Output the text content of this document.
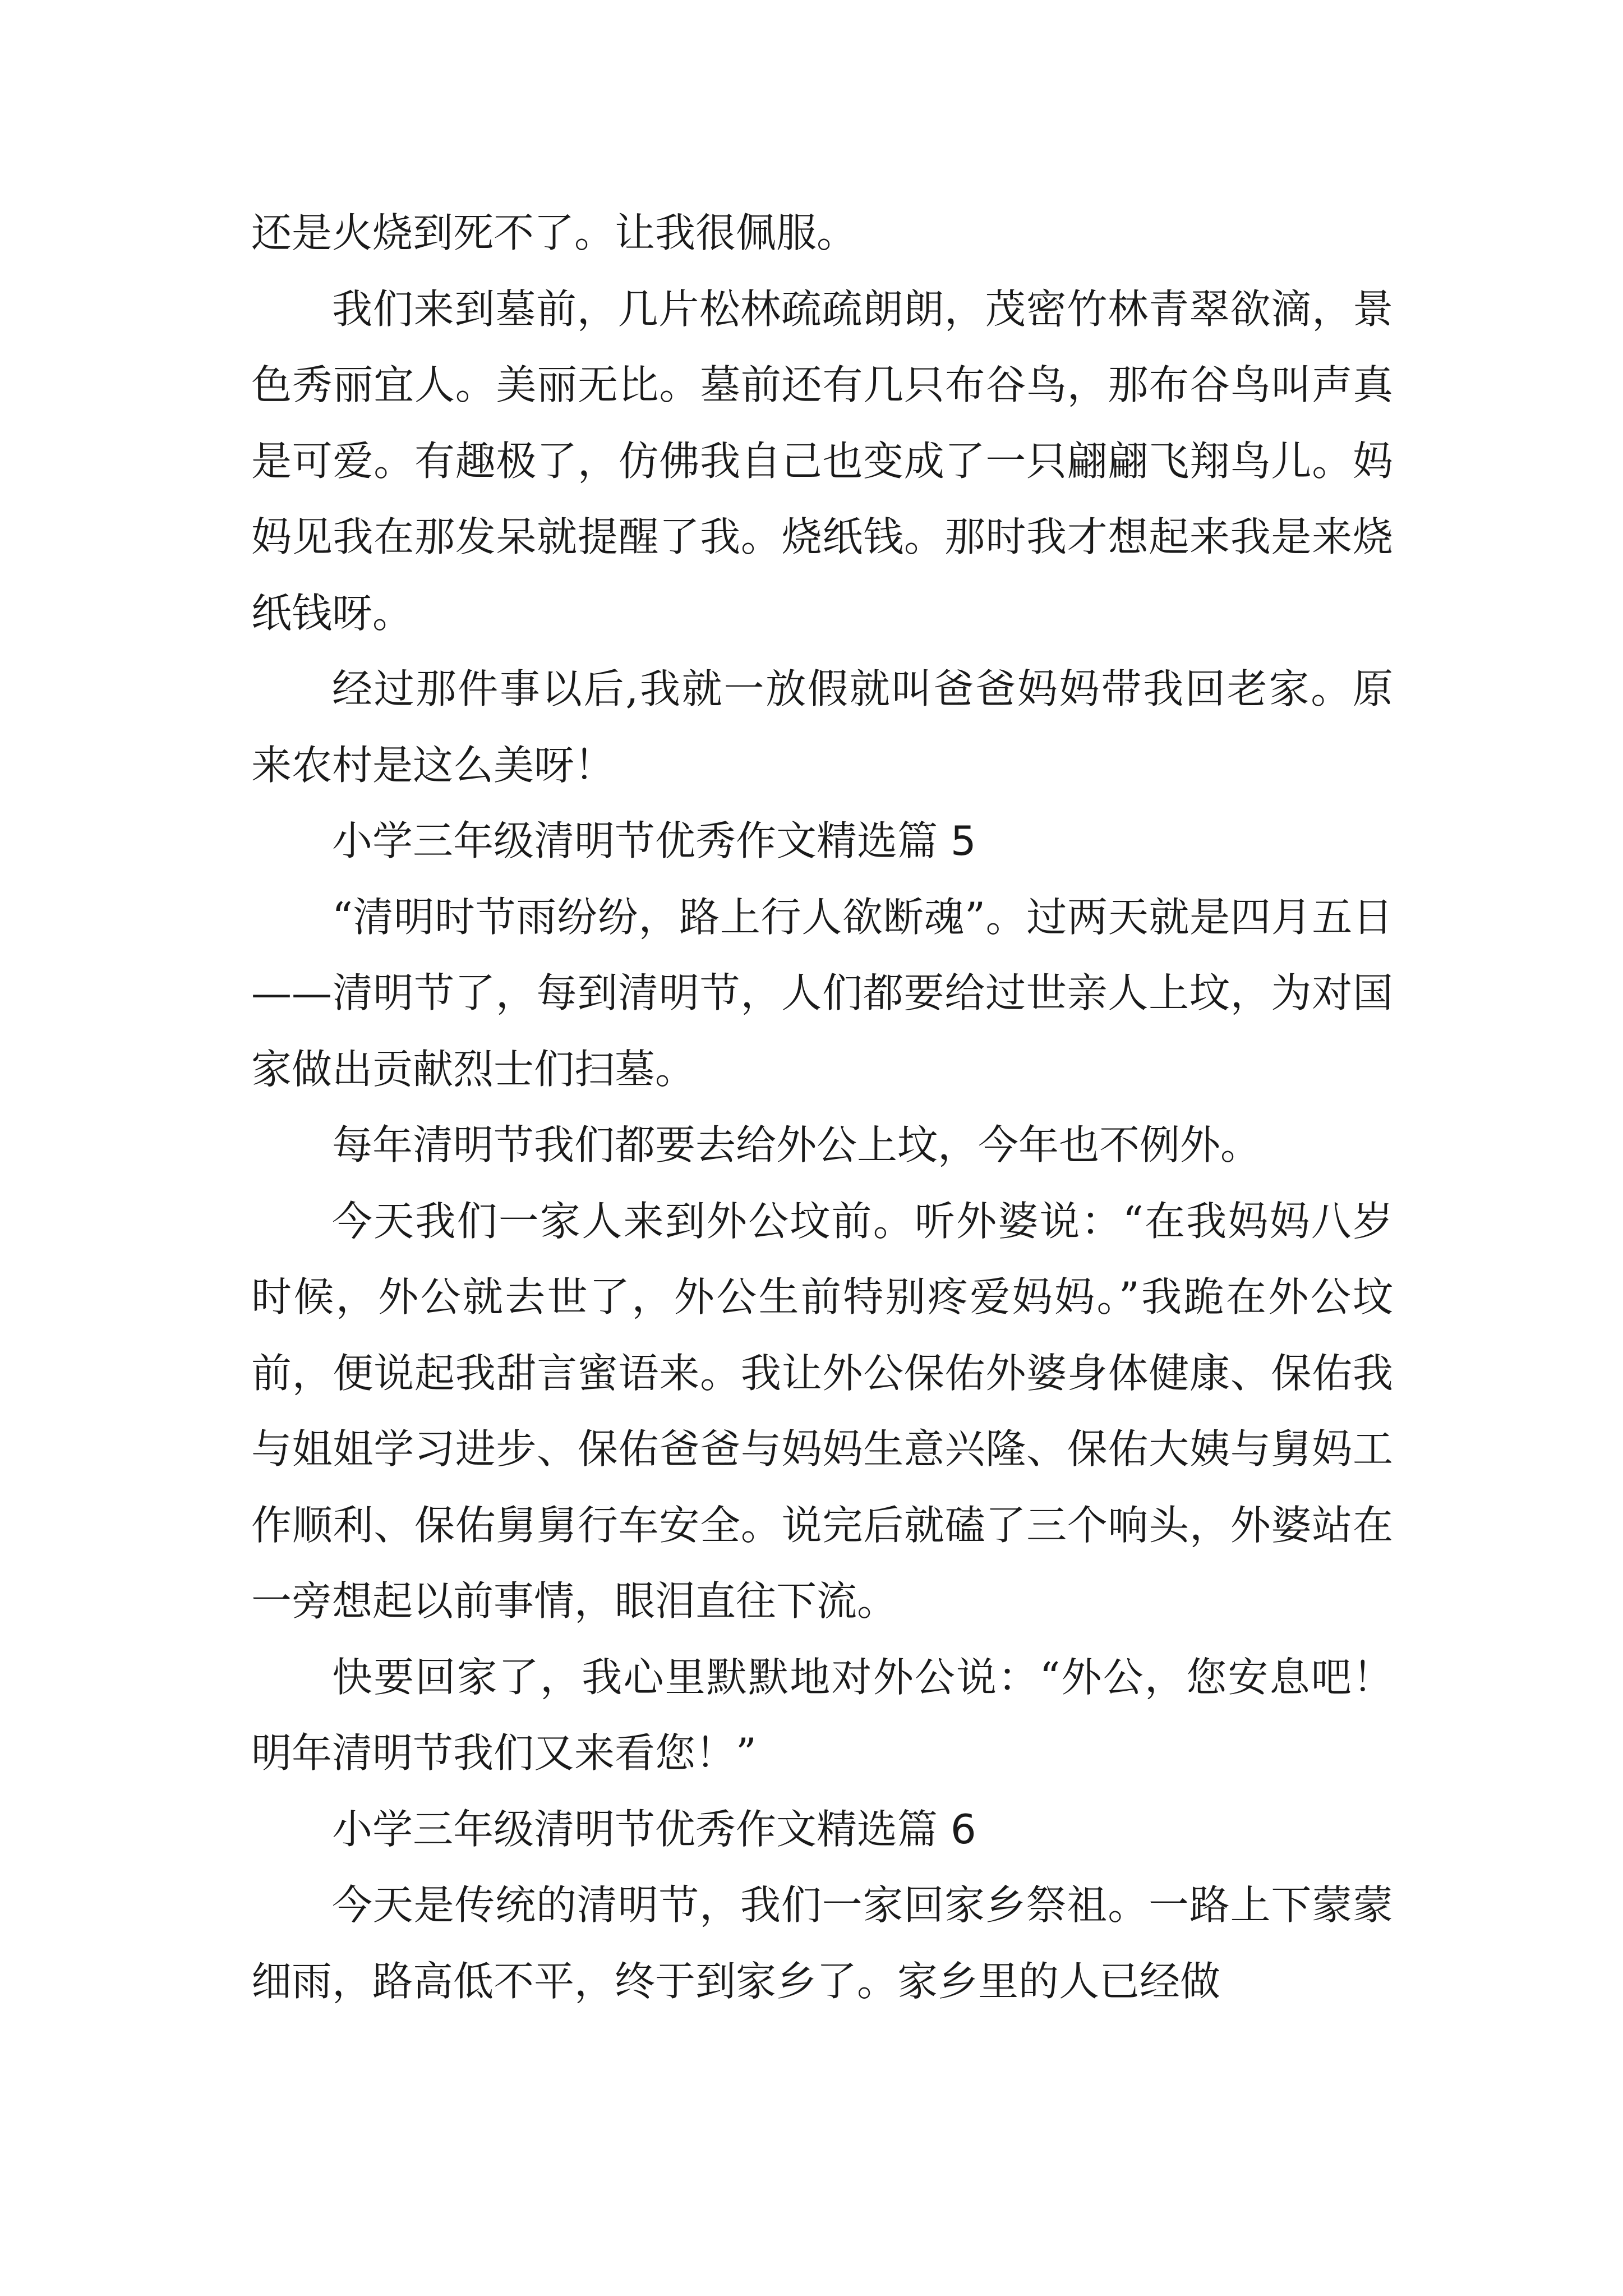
还是火烧到死不了。让我很佩服。

我们来到墓前，几片松林疏疏朗朗，茂密竹林青翠欲滴，景色秀丽宜人。美丽无比。墓前还有几只布谷鸟，那布谷鸟叫声真是可爱。有趣极了，仿佛我自己也变成了一只翩翩飞翔鸟儿。妈妈见我在那发呆就提醒了我。烧纸钱。那时我才想起来我是来烧纸钱呀。

经过那件事以后,我就一放假就叫爸爸妈妈带我回老家。原来农村是这么美呀！

小学三年级清明节优秀作文精选篇 5

“清明时节雨纷纷，路上行人欲断魂”。过两天就是四月五日——清明节了，每到清明节，人们都要给过世亲人上坟，为对国家做出贡献烈士们扫墓。

每年清明节我们都要去给外公上坟，今年也不例外。

今天我们一家人来到外公坟前。听外婆说：“在我妈妈八岁时候，外公就去世了，外公生前特别疼爱妈妈。”我跪在外公坟前，便说起我甜言蜜语来。我让外公保佑外婆身体健康、保佑我与姐姐学习进步、保佑爸爸与妈妈生意兴隆、保佑大姨与舅妈工作顺利、保佑舅舅行车安全。说完后就磕了三个响头，外婆站在一旁想起以前事情，眼泪直往下流。

快要回家了，我心里默默地对外公说：“外公，您安息吧！明年清明节我们又来看您！”

小学三年级清明节优秀作文精选篇 6

今天是传统的清明节，我们一家回家乡祭祖。一路上下蒙蒙细雨，路高低不平，终于到家乡了。家乡里的人已经做
